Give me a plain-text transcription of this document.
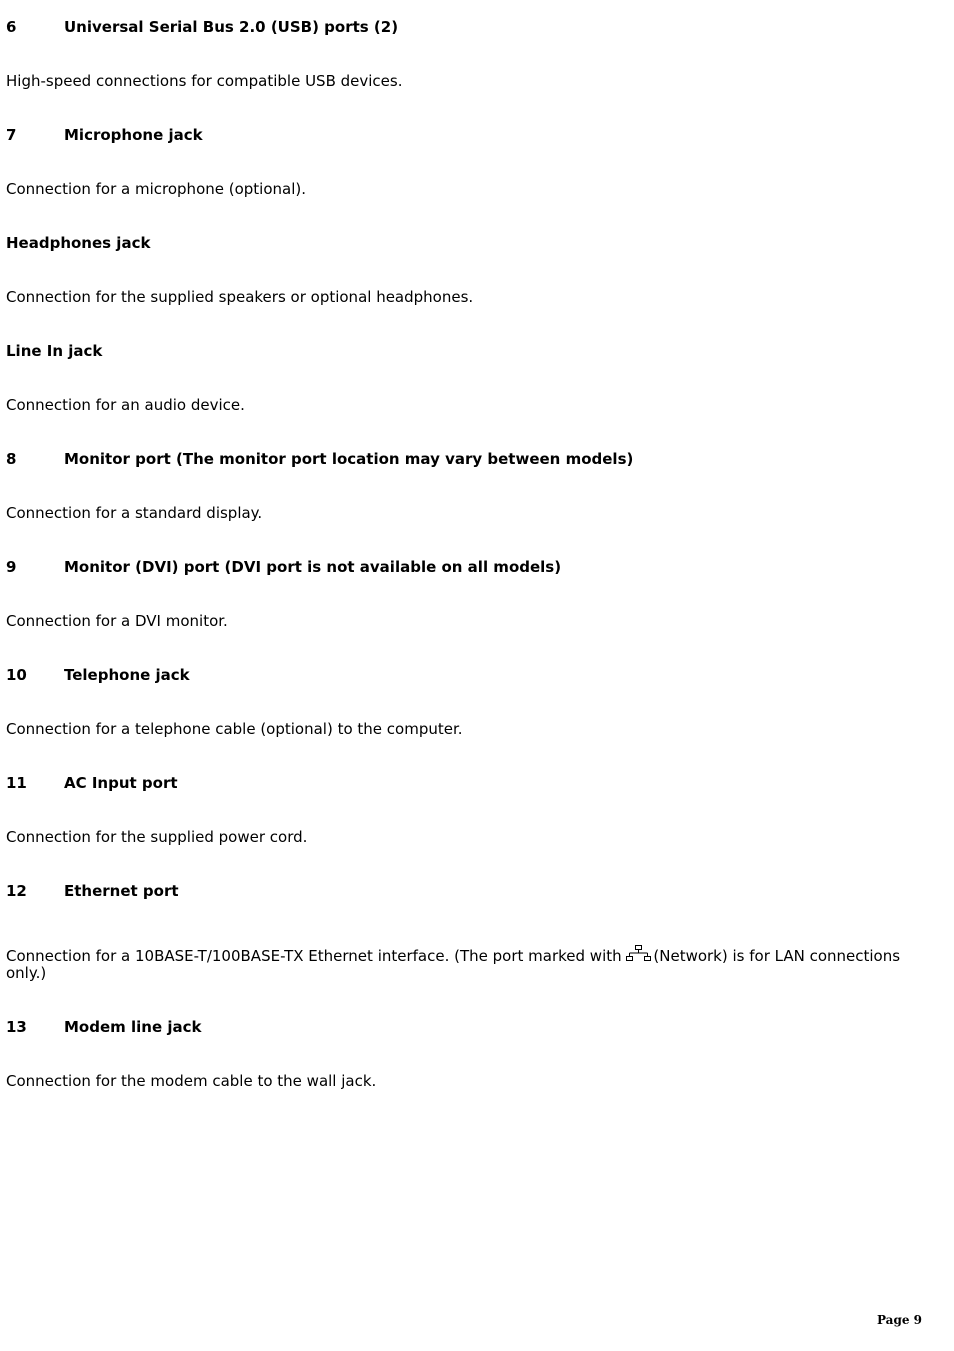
6	Universal Serial Bus 2.0 (USB) ports (2)
High-speed connections for compatible USB devices.
7	Microphone jack
Connection for a microphone (optional).
Headphones jack
Connection for the supplied speakers or optional headphones.
Line In jack
Connection for an audio device.
8	Monitor port (The monitor port location may vary between models)
Connection for a standard display.
9	Monitor (DVI) port (DVI port is not available on all models)
Connection for a DVI monitor.
10	Telephone jack
Connection for a telephone cable (optional) to the computer.
11	AC Input port
Connection for the supplied power cord.
12	Ethernet port
Connection for a 10BASE-T/100BASE-TX Ethernet interface. (The port marked with (Network) is for LAN connections only.)
13	Modem line jack
Connection for the modem cable to the wall jack.
Page 9
